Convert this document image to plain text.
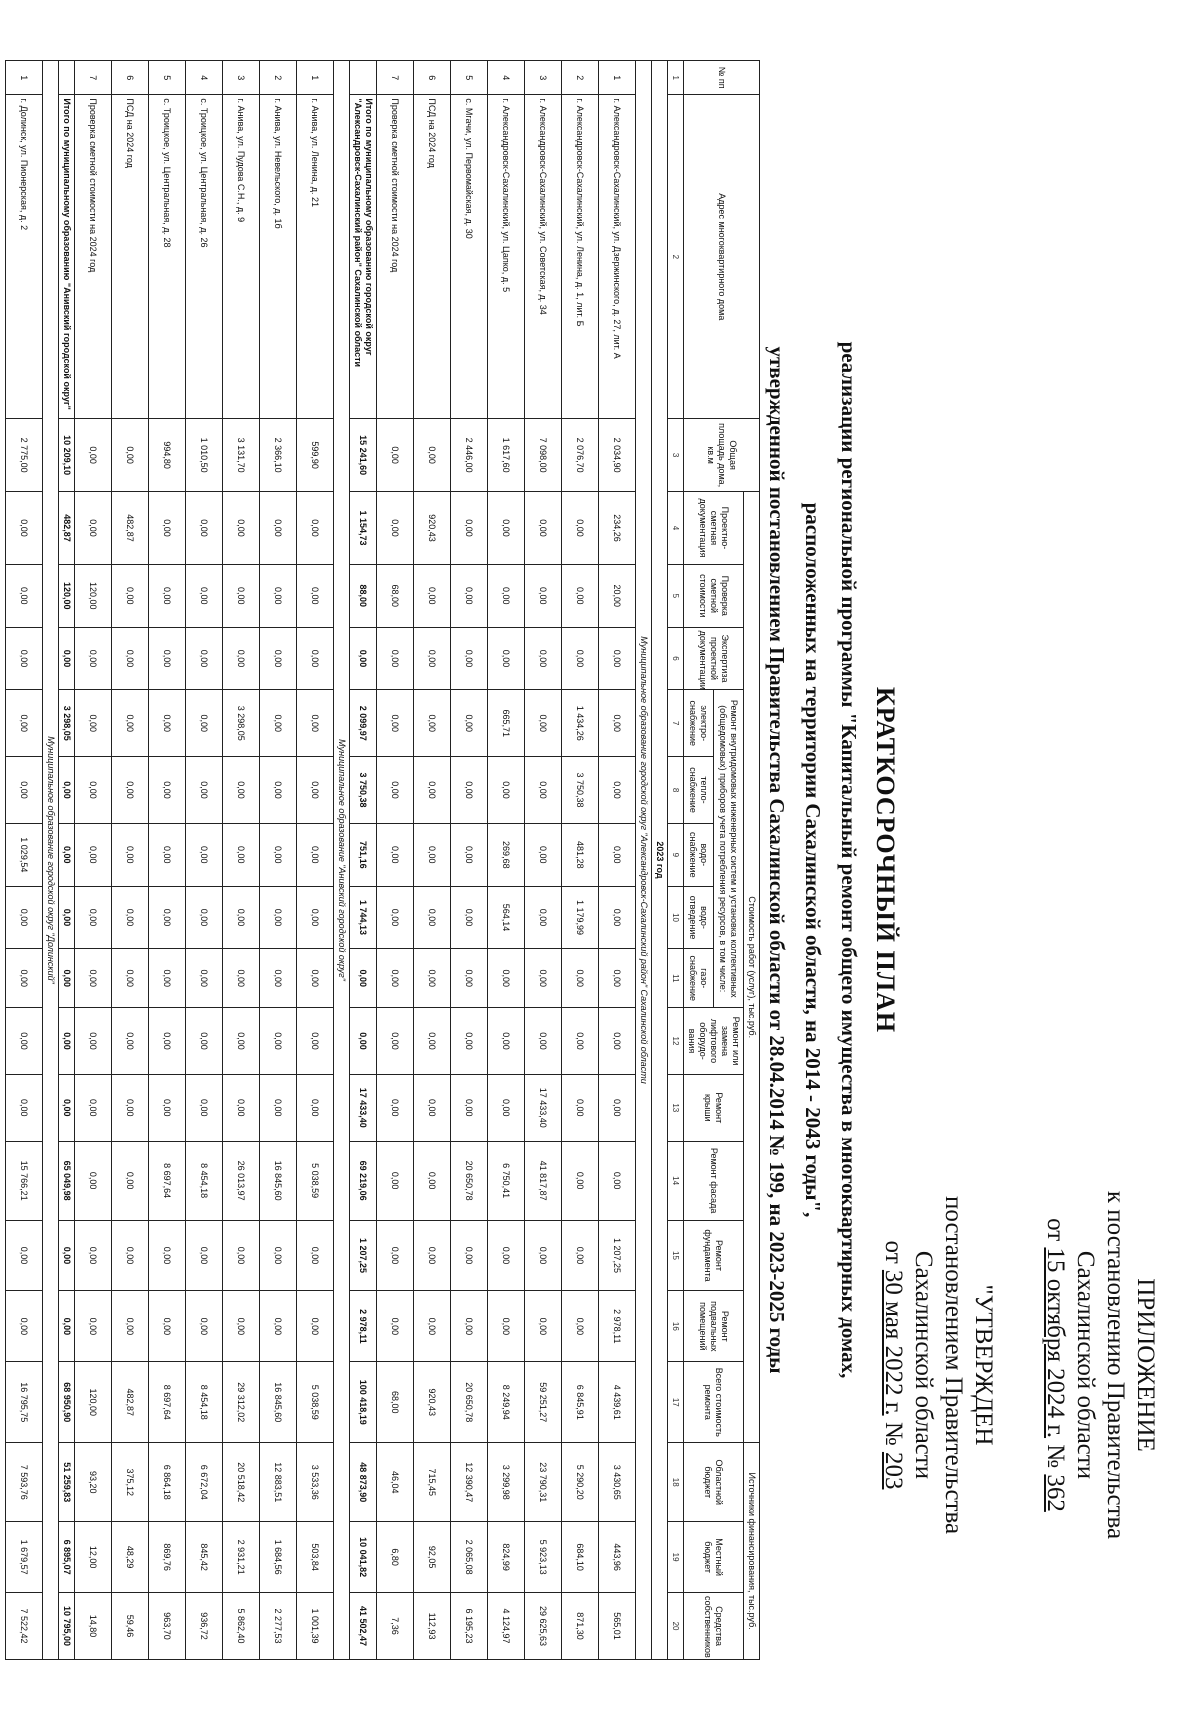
ПРИЛОЖЕНИЕ
к постановлению Правительства
Сахалинской области
от 15 октября 2024 г. № 362
"УТВЕРЖДЕН
постановлением Правительства
Сахалинской области
от 30 мая 2022 г. № 203
КРАТКОСРОЧНЫЙ ПЛАН
реализации региональной программы "Капитальный ремонт общего имущества в многоквартирных домах,
расположенных на территории Сахалинской области, на 2014 - 2043 годы",
утвержденной постановлением Правительства Сахалинской области от 28.04.2014 № 199, на 2023-2025 годы
№ пп	Адрес многоквартирного дома	Общая площадь дома, кв.м	Стоимость работ (услуг), тыс.руб.														Источники финансирования, тыс.руб.		
			Проектно-сметная документация	Проверка сметной стоимости	Экспертиза проектной документации	Ремонт внутридомовых инженерных систем и установка коллективных (общедомовых) приборов учета потребления ресурсов, в том числе:					Ремонт или замена лифтового оборудо-вания	Ремонт крыши	Ремонт фасада	Ремонт фундамента	Ремонт подвальных помещений	Всего стоимость ремонта	Областной бюджет	Местный бюджет	Средства собственников
						электро-снабжение	тепло-снабжение	водо-снабжение	водо-отведение	газо-снабжение									
1	2	3	4	5	6	7	8	9	10	11	12	13	14	15	16	17	18	19	20
2023 год																			
Муниципальное образование городской округ "Александровск-Сахалинский район" Сахалинской области																			
1	г. Александровск-Сахалинский, ул. Дзержинского, д. 27, лит. А	2 034,90	234,26	20,00	0,00	0,00	0,00	0,00	0,00	0,00	0,00	0,00	0,00	1 207,25	2 978,11	4 439,61	3 430,65	443,96	565,01
2	г. Александровск-Сахалинский, ул. Ленина, д. 1, лит. Б	2 076,70	0,00	0,00	0,00	1 434,26	3 750,38	481,28	1 179,99	0,00	0,00	0,00	0,00	0,00	0,00	6 845,91	5 290,20	684,10	871,30
3	г. Александровск-Сахалинский, ул. Советская, д. 34	7 098,00	0,00	0,00	0,00	0,00	0,00	0,00	0,00	0,00	0,00	17 433,40	41 817,87	0,00	0,00	59 251,27	23 790,31	5 923,13	29 625,63
4	г. Александровск-Сахалинский, ул. Цапко, д. 5	1 617,60	0,00	0,00	0,00	665,71	0,00	269,68	564,14	0,00	0,00	0,00	6 750,41	0,00	0,00	8 249,94	3 299,98	824,99	4 124,97
5	с. Мгачи, ул. Первомайская, д. 30	2 446,00	0,00	0,00	0,00	0,00	0,00	0,00	0,00	0,00	0,00	0,00	20 650,78	0,00	0,00	20 650,78	12 390,47	2 065,08	6 195,23
6	ПСД на 2024 год	0,00	920,43	0,00	0,00	0,00	0,00	0,00	0,00	0,00	0,00	0,00	0,00	0,00	0,00	920,43	715,45	92,05	112,93
7	Проверка сметной стоимости на 2024 год	0,00	0,00	68,00	0,00	0,00	0,00	0,00	0,00	0,00	0,00	0,00	0,00	0,00	0,00	68,00	46,04	6,80	7,36
	Итого по муниципальному образованию городской округ "Александровск-Сахалинский район" Сахалинской области	15 241,60	1 154,73	88,00	0,00	2 099,97	3 750,38	751,16	1 744,13	0,00	0,00	17 433,40	69 219,06	1 207,25	2 978,11	100 418,19	48 873,90	10 041,82	41 502,47
Муниципальное образование "Анивский городской округ"																			
1	г. Анива, ул. Ленина, д. 21	599,90	0,00	0,00	0,00	0,00	0,00	0,00	0,00	0,00	0,00	0,00	5 038,59	0,00	0,00	5 038,59	3 533,36	503,84	1 001,39
2	г. Анива, ул. Невельского, д. 1б	2 366,10	0,00	0,00	0,00	0,00	0,00	0,00	0,00	0,00	0,00	0,00	16 845,60	0,00	0,00	16 845,60	12 883,51	1 684,56	2 277,53
3	г. Анива, ул. Пудова С.Н., д. 9	3 131,70	0,00	0,00	0,00	3 298,05	0,00	0,00	0,00	0,00	0,00	0,00	26 013,97	0,00	0,00	29 312,02	20 518,42	2 931,21	5 862,40
4	с. Троицкое, ул. Центральная, д. 26	1 010,50	0,00	0,00	0,00	0,00	0,00	0,00	0,00	0,00	0,00	0,00	8 454,18	0,00	0,00	8 454,18	6 672,04	845,42	936,72
5	с. Троицкое, ул. Центральная, д. 28	994,80	0,00	0,00	0,00	0,00	0,00	0,00	0,00	0,00	0,00	0,00	8 697,64	0,00	0,00	8 697,64	6 864,18	869,76	963,70
6	ПСД на 2024 год	0,00	482,87	0,00	0,00	0,00	0,00	0,00	0,00	0,00	0,00	0,00	0,00	0,00	0,00	482,87	375,12	48,29	59,46
7	Проверка сметной стоимости на 2024 год	0,00	0,00	120,00	0,00	0,00	0,00	0,00	0,00	0,00	0,00	0,00	0,00	0,00	0,00	120,00	93,20	12,00	14,80
	Итого по муниципальному образованию "Анивский городской округ"	10 209,10	482,87	120,00	0,00	3 298,05	0,00	0,00	0,00	0,00	0,00	0,00	65 049,98	0,00	0,00	68 950,90	51 259,83	6 895,07	10 795,00
Муниципальное образование городской округ "Долинский"																			
1	г. Долинск, ул. Пионерская, д. 2	2 775,00	0,00	0,00	0,00	0,00	0,00	1 029,54	0,00	0,00	0,00	0,00	15 766,21	0,00	0,00	16 795,75	7 593,76	1 679,57	7 522,42
